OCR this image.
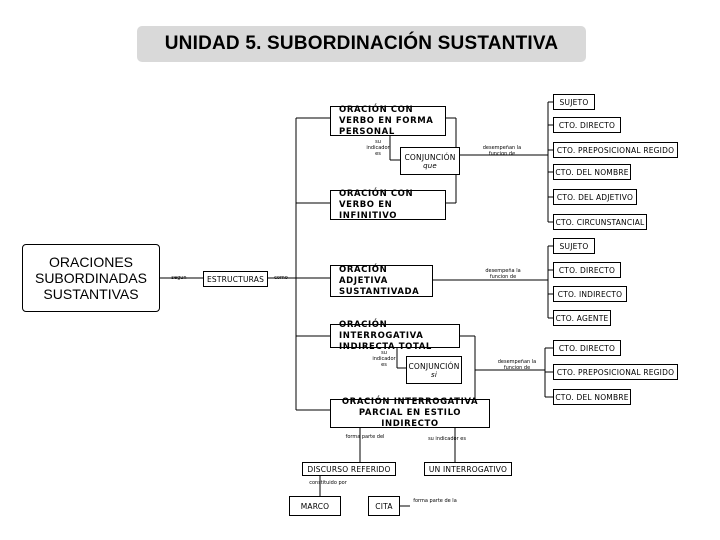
UNIDAD 5. SUBORDINACIÓN SUSTANTIVA
ORACIONES SUBORDINADAS SUSTANTIVAS
segun	ESTRUCTURAS	como
ORACIÓN CON VERBO EN FORMA PERSONAL
su indicador es	CONJUNCIÓN
que
desempeñan la funcion de
ORACIÓN CON VERBO EN INFINITIVO
SUJETO
CTO. DIRECTO
CTO. PREPOSICIONAL REGIDO
CTO. DEL NOMBRE
CTO. DEL ADJETIVO
CTO. CIRCUNSTANCIAL
ORACIÓN ADJETIVA SUSTANTIVADA
desempeña la funcion de
SUJETO
CTO. DIRECTO
CTO. INDIRECTO
CTO. AGENTE
ORACIÓN INTERROGATIVA INDIRECTA TOTAL
su indicador es	CONJUNCIÓN
si
desempeñan la funcion de
CTO. DIRECTO
CTO. PREPOSICIONAL REGIDO
CTO. DEL NOMBRE
ORACIÓN INTERROGATIVA PARCIAL EN ESTILO INDIRECTO
forma parte del	su indicador es
DISCURSO REFERIDO	UN INTERROGATIVO
constituido por
MARCO	CITA
forma parte de la
